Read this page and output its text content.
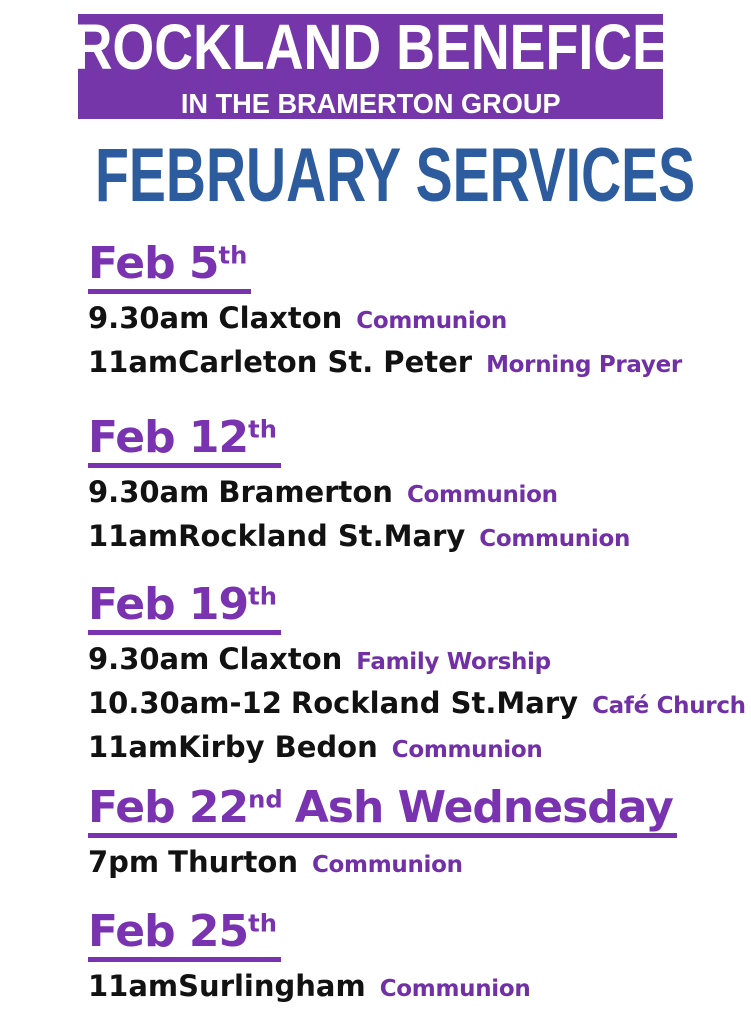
ROCKLAND BENEFICE
IN THE BRAMERTON GROUP
FEBRUARY SERVICES
Feb 5th
9.30am Claxton Communion
11amCarleton St. Peter Morning Prayer
Feb 12th
9.30am Bramerton Communion
11amRockland St.Mary Communion
Feb 19th
9.30am Claxton Family Worship
10.30am-12 Rockland St.Mary Café Church
11amKirby Bedon Communion
Feb 22nd Ash Wednesday
7pm Thurton Communion
Feb 25th
11amSurlingham Communion
